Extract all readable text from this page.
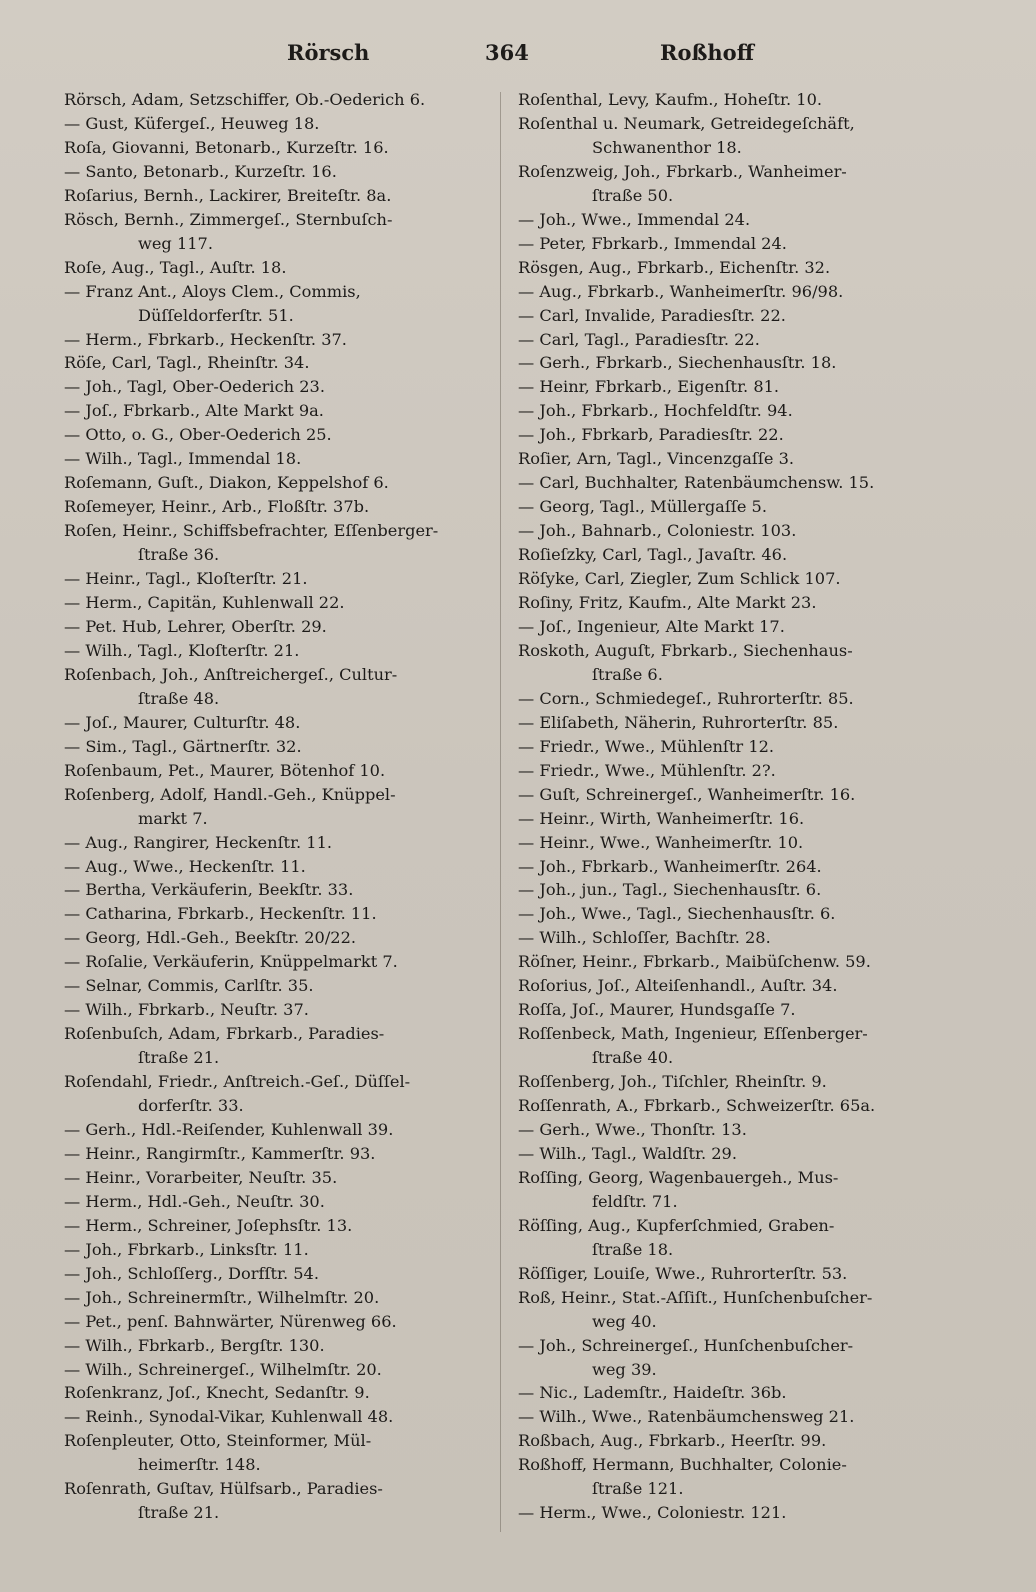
Rörsch	364	Roßhoff
Rörsch, Adam, Setzschiffer, Ob.-Oederich 6.
— Gust, Küfergeſ., Heuweg 18.
Roſa, Giovanni, Betonarb., Kurzeſtr. 16.
— Santo, Betonarb., Kurzeſtr. 16.
Roſarius, Bernh., Lackirer, Breiteſtr. 8a.
Rösch, Bernh., Zimmergeſ., Sternbuſch-
weg 117.
Roſe, Aug., Tagl., Auſtr. 18.
— Franz Ant., Aloys Clem., Commis,
Düſſeldorferſtr. 51.
— Herm., Fbrkarb., Heckenſtr. 37.
Röſe, Carl, Tagl., Rheinſtr. 34.
— Joh., Tagl, Ober-Oederich 23.
— Joſ., Fbrkarb., Alte Markt 9a.
— Otto, o. G., Ober-Oederich 25.
— Wilh., Tagl., Immendal 18.
Roſemann, Guſt., Diakon, Keppelshof 6.
Roſemeyer, Heinr., Arb., Floßſtr. 37b.
Roſen, Heinr., Schiffsbefrachter, Eſſenberger-
ſtraße 36.
— Heinr., Tagl., Kloſterſtr. 21.
— Herm., Capitän, Kuhlenwall 22.
— Pet. Hub, Lehrer, Oberſtr. 29.
— Wilh., Tagl., Kloſterſtr. 21.
Roſenbach, Joh., Anſtreichergeſ., Cultur-
ſtraße 48.
— Joſ., Maurer, Culturſtr. 48.
— Sim., Tagl., Gärtnerſtr. 32.
Roſenbaum, Pet., Maurer, Bötenhof 10.
Roſenberg, Adolf, Handl.-Geh., Knüppel-
markt 7.
— Aug., Rangirer, Heckenſtr. 11.
— Aug., Wwe., Heckenſtr. 11.
— Bertha, Verkäuferin, Beekſtr. 33.
— Catharina, Fbrkarb., Heckenſtr. 11.
— Georg, Hdl.-Geh., Beekſtr. 20/22.
— Roſalie, Verkäuferin, Knüppelmarkt 7.
— Selnar, Commis, Carlſtr. 35.
— Wilh., Fbrkarb., Neuſtr. 37.
Roſenbuſch, Adam, Fbrkarb., Paradies-
ſtraße 21.
Roſendahl, Friedr., Anſtreich.-Geſ., Düſſel-
dorferſtr. 33.
— Gerh., Hdl.-Reiſender, Kuhlenwall 39.
— Heinr., Rangirmſtr., Kammerſtr. 93.
— Heinr., Vorarbeiter, Neuſtr. 35.
— Herm., Hdl.-Geh., Neuſtr. 30.
— Herm., Schreiner, Joſephsſtr. 13.
— Joh., Fbrkarb., Linksſtr. 11.
— Joh., Schloſſerg., Dorfſtr. 54.
— Joh., Schreinermſtr., Wilhelmſtr. 20.
— Pet., penſ. Bahnwärter, Nürenweg 66.
— Wilh., Fbrkarb., Bergſtr. 130.
— Wilh., Schreinergeſ., Wilhelmſtr. 20.
Roſenkranz, Joſ., Knecht, Sedanſtr. 9.
— Reinh., Synodal-Vikar, Kuhlenwall 48.
Roſenpleuter, Otto, Steinformer, Mül-
heimerſtr. 148.
Roſenrath, Guſtav, Hülfsarb., Paradies-
ſtraße 21.
Roſenthal, Levy, Kaufm., Hoheſtr. 10.
Roſenthal u. Neumark, Getreidegeſchäft,
Schwanenthor 18.
Roſenzweig, Joh., Fbrkarb., Wanheimer-
ſtraße 50.
— Joh., Wwe., Immendal 24.
— Peter, Fbrkarb., Immendal 24.
Rösgen, Aug., Fbrkarb., Eichenſtr. 32.
— Aug., Fbrkarb., Wanheimerſtr. 96/98.
— Carl, Invalide, Paradiesſtr. 22.
— Carl, Tagl., Paradiesſtr. 22.
— Gerh., Fbrkarb., Siechenhausſtr. 18.
— Heinr, Fbrkarb., Eigenſtr. 81.
— Joh., Fbrkarb., Hochfeldſtr. 94.
— Joh., Fbrkarb, Paradiesſtr. 22.
Roſier, Arn, Tagl., Vincenzgaſſe 3.
— Carl, Buchhalter, Ratenbäumchensw. 15.
— Georg, Tagl., Müllergaſſe 5.
— Joh., Bahnarb., Coloniestr. 103.
Roſieſzky, Carl, Tagl., Javaſtr. 46.
Röſyke, Carl, Ziegler, Zum Schlick 107.
Roſiny, Fritz, Kaufm., Alte Markt 23.
— Joſ., Ingenieur, Alte Markt 17.
Roskoth, Auguſt, Fbrkarb., Siechenhaus-
ſtraße 6.
— Corn., Schmiedegeſ., Ruhrorterſtr. 85.
— Eliſabeth, Näherin, Ruhrorterſtr. 85.
— Friedr., Wwe., Mühlenſtr 12.
— Friedr., Wwe., Mühlenſtr. 2?.
— Guſt, Schreinergeſ., Wanheimerſtr. 16.
— Heinr., Wirth, Wanheimerſtr. 16.
— Heinr., Wwe., Wanheimerſtr. 10.
— Joh., Fbrkarb., Wanheimerſtr. 264.
— Joh., jun., Tagl., Siechenhausſtr. 6.
— Joh., Wwe., Tagl., Siechenhausſtr. 6.
— Wilh., Schloſſer, Bachſtr. 28.
Röſner, Heinr., Fbrkarb., Maibüſchenw. 59.
Roſorius, Joſ., Alteiſenhandl., Auſtr. 34.
Roſſa, Joſ., Maurer, Hundsgaſſe 7.
Roſſenbeck, Math, Ingenieur, Eſſenberger-
ſtraße 40.
Roſſenberg, Joh., Tiſchler, Rheinſtr. 9.
Roſſenrath, A., Fbrkarb., Schweizerſtr. 65a.
— Gerh., Wwe., Thonſtr. 13.
— Wilh., Tagl., Waldſtr. 29.
Roſſing, Georg, Wagenbauergeh., Mus-
feldſtr. 71.
Röſſing, Aug., Kupferſchmied, Graben-
ſtraße 18.
Röſſiger, Louiſe, Wwe., Ruhrorterſtr. 53.
Roß, Heinr., Stat.-Aſſiſt., Hunſchenbuſcher-
weg 40.
— Joh., Schreinergeſ., Hunſchenbuſcher-
weg 39.
— Nic., Lademſtr., Haideſtr. 36b.
— Wilh., Wwe., Ratenbäumchensweg 21.
Roßbach, Aug., Fbrkarb., Heerſtr. 99.
Roßhoff, Hermann, Buchhalter, Colonie-
ſtraße 121.
— Herm., Wwe., Coloniestr. 121.
